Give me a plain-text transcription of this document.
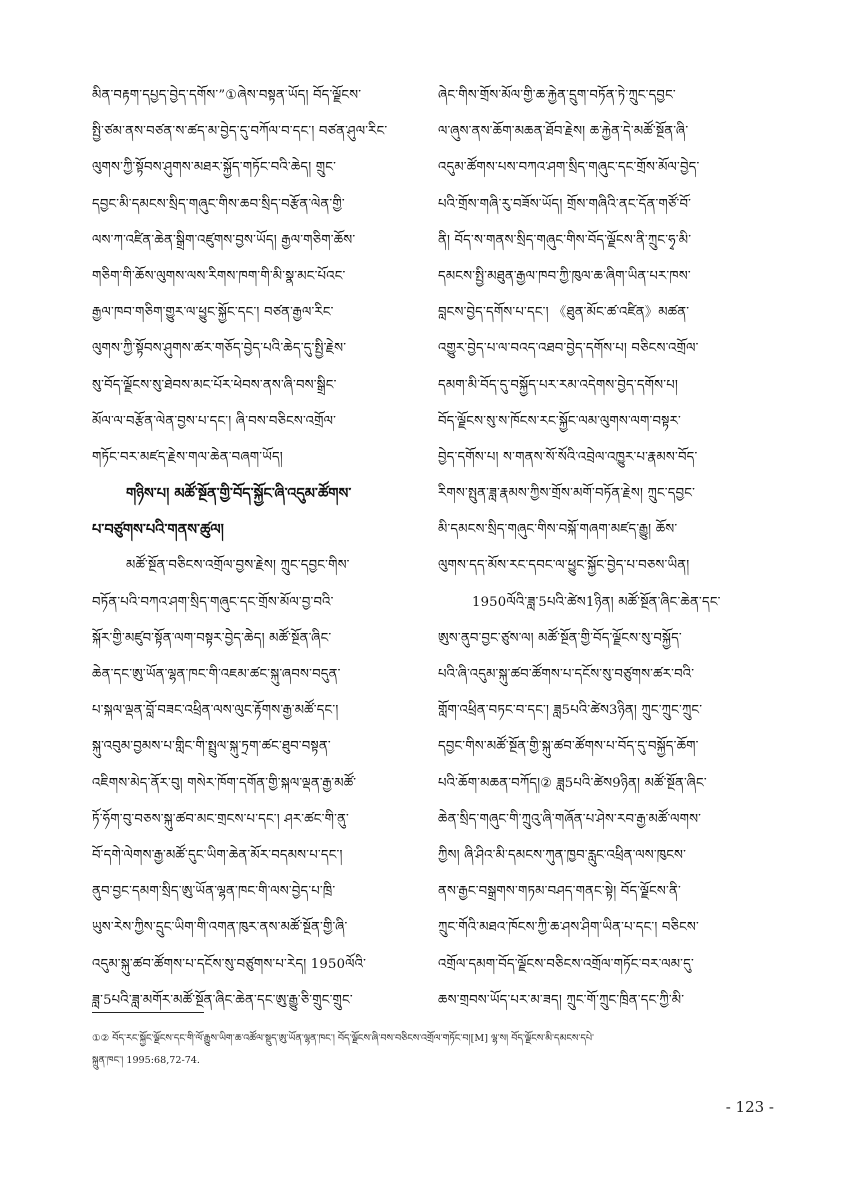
མིན་བརྟག་དཔྱད་བྱེད་དགོས་”①ཞེས་བསྟན་ཡོད། བོད་ལྗོངས་
སྤྱི་ཙམ་ནས་བཙན་ས་ཚད་མ་བྱེད་དུ་བཀོལ་བ་དང་། བཙན་ཤུལ་རིང་
ལུགས་ཀྱི་སྟོབས་ཤུགས་མཐར་སྐྱོད་གཏོང་བའི་ཆེད། གྲུང་
དབྱང་མི་དམངས་སྲིད་གཞུང་གིས་ཆབ་སྲིད་བརྩོན་ལེན་གྱི་
ལས་ཀ་འཛིན་ཆེན་སྒྲིག་འཛུགས་བྱས་ཡོད། རྒྱལ་གཅིག་ཆོས་
གཅིག་གི་ཆོས་ལུགས་ལས་རིགས་ཁག་གི་མི་སྣ་མང་པོའང་
རྒྱལ་ཁབ་གཅིག་གྱུར་ལ་ཕྱུང་སྐྱོང་དང་། བཙན་རྒྱལ་རིང་
ལུགས་ཀྱི་སྟོབས་ཤུགས་ཚར་གཅོད་བྱེད་པའི་ཆེད་དུ་སྤྱི་རྗེས་
སུ་བོད་ལྗོངས་སུ་ཐེབས་མང་པོར་ཕེབས་ནས་ཞི་བས་སྒྲིང་
མོལ་ལ་བརྩོན་ལེན་བྱས་པ་དང་། ཞི་བས་བཅིངས་འགྲོལ་
གཏོང་བར་མཛད་རྗེས་གལ་ཆེན་བཞག་ཡོད།
གཉིས་པ། མཚོ་སྔོན་གྱི་བོད་སྐྱོང་ཞི་འདུམ་ཚོགས་
པ་བཙུགས་པའི་གནས་ཚུལ།
མཚོ་སྔོན་བཅིངས་འགྲོལ་བྱས་རྗེས། ཀྲུང་དབྱང་གིས་
བཏོན་པའི་བཀའ་ཤག་སྲིད་གཞུང་དང་གྲོས་མོལ་བྱ་བའི་
སྐོར་གྱི་མཛུབ་སྟོན་ལག་བསྟར་བྱེད་ཆེད། མཚོ་སྔོན་ཞིང་
ཆེན་དང་ཨུ་ཡོན་ལྷན་ཁང་གི་འཇམ་ཚང་སྐུ་ཞབས་བདུན་
པ་སྐལ་ལྡན་བློ་བཟང་འཕྲིན་ལས་ལུང་རྟོགས་རྒྱ་མཚོ་དང་།
སྐུ་འབུམ་བྱམས་པ་གླིང་གི་སྤྲུལ་སྐུ་ཏྲག་ཚང་ཐུབ་བསྟན་
འཇིགས་མེད་ནོར་བུ། གསེར་ཁོག་དགོན་གྱི་སྐལ་ལྡན་རྒྱ་མཚོ་
ཏོ་ཧོག་བུ་བཅས་སྐུ་ཚབ་མང་གྲངས་པ་དང་། ཤར་ཚང་གི་ནུ་
བོ་དགེ་ལེགས་རྒྱ་མཚོ་དུང་ཡིག་ཆེན་མོར་བདམས་པ་དང་།
ནུབ་བྱང་དམག་སྲིད་ཨུ་ཡོན་ལྷན་ཁང་གི་ལས་བྱེད་པ་ཁྲི་
ཡུས་རེས་ཀྱིས་དྲུང་ཡིག་གི་འགན་ཁུར་ནས་མཚོ་སྔོན་གྱི་ཞི་
འདུམ་སྐུ་ཚབ་ཚོགས་པ་དངོས་སུ་བཙུགས་པ་རེད། 1950ལོའི་
ཟླ་5པའི་ཟླ་མགོར་མཚོ་སྔོན་ཞིང་ཆེན་དང་ཨུ་རྒྱུ་ཅི་གྲུང་གྲུང་
ཞེང་གིས་གྲོས་མོལ་གྱི་ཆ་རྐྱེན་དྲུག་བཏོན་ཏེ་ཀྲུང་དབྱང་
ལ་ཞུས་ནས་ཆོག་མཆན་ཐོབ་རྗེས། ཆ་རྐྱེན་དེ་མཚོ་སྔོན་ཞི་
འདུམ་ཚོགས་པས་བཀའ་ཤག་སྲིད་གཞུང་དང་གྲོས་མོལ་བྱེད་
པའི་གྲོས་གཞི་རུ་བཟོས་ཡོད། གྲོས་གཞིའི་ནང་དོན་གཙོ་བོ་
ནི། བོད་ས་གནས་སྲིད་གཞུང་གིས་བོད་ལྗོངས་ནི་ཀྲུང་ཧྭ་མི་
དམངས་སྤྱི་མཐུན་རྒྱལ་ཁབ་ཀྱི་ཁུལ་ཆ་ཞིག་ཡིན་པར་ཁས་
བླངས་བྱེད་དགོས་པ་དང་། 《ཐུན་མོང་ཚ་འཛིན》མཚན་
འགྱུར་བྱེད་པ་ལ་བའད་འཐབ་བྱེད་དགོས་པ། བཅིངས་འགྲོལ་
དམག་མི་བོད་དུ་བསྐྱོད་པར་རམ་འདེགས་བྱེད་དགོས་པ།
བོད་ལྗོངས་སུ་ས་ཁོངས་རང་སྐྱོང་ལམ་ལུགས་ལག་བསྟར་
བྱེད་དགོས་པ། ས་གནས་སོ་སོའི་འབྲེལ་འཁྱུར་པ་རྣམས་བོད་
རིགས་སྤུན་ཟླ་རྣམས་ཀྱིས་གྲོས་མགོ་བཏོན་རྗེས། ཀྲུང་དབྱང་
མི་དམངས་སྲིད་གཞུང་གིས་བསྐོ་གཞག་མཛད་རྒྱུ། ཆོས་
ལུགས་དད་མོས་རང་དབང་ལ་ཕྱུང་སྐྱོང་བྱེད་པ་བཅས་ཡིན།
1950ལོའི་ཟླ་5པའི་ཚེས1ཉིན། མཚོ་སྔོན་ཞིང་ཆེན་དང་
ཨུས་ནུབ་བྱང་ཙུས་ལ། མཚོ་སྔོན་གྱི་བོད་ལྗོངས་སུ་བསྐྱོད་
པའི་ཞི་འདུམ་སྐུ་ཚབ་ཚོགས་པ་དངོས་སུ་བཙུགས་ཚར་བའི་
གློག་འཕྲིན་བཏང་བ་དང་། ཟླ5པའི་ཚེས3ཉིན། ཀྲུང་ཀྲུང་ཀྲུང་
དབྱང་གིས་མཚོ་སྔོན་གྱི་སྐུ་ཚབ་ཚོགས་པ་བོད་དུ་བསྐྱོད་ཆོག་
པའི་ཆོག་མཆན་བཀོད།② ཟླ5པའི་ཚེས9ཉིན། མཚོ་སྔོན་ཞིང་
ཆེན་སྲིད་གཞུང་གི་ཀྲུའུ་ཞི་གཞོན་པ་ཤེས་རབ་རྒྱ་མཚོ་ལགས་
ཀྱིས། ཞི་ཤིའ་མི་དམངས་ཀུན་ཁྱབ་རླུང་འཕྲིན་ལས་ཁུངས་
ནས་རྒྱང་བསྒྲགས་གཏམ་བཤད་གནང་སྟེ། བོད་ལྗོངས་ནི་
ཀྲུང་གོའི་མཐའ་ཁོངས་ཀྱི་ཆ་ཤས་ཤིག་ཡིན་པ་དང་། བཅིངས་
འགྲོལ་དམག་བོད་ལྗོངས་བཅིངས་འགྲོལ་གཏོང་བར་ལམ་དུ་
ཆས་གྲབས་ཡོད་པར་མ་ཟད། ཀྲུང་གོ་ཀྲུང་ཁྲིན་དང་ཀྱི་མི་
①② བོད་རང་སྐྱོང་ལྗོངས་དང་གི་ལོ་རྒྱུས་ཡིག་ཆ་འཚོལ་སྡུད་ཨུ་ཡོན་ལྷན་ཁང་། བོད་ལྗོངས་ཞི་བས་བཅིངས་འགྲོལ་གཏོང་བ།[M] ལྷ་ས། བོད་ལྗོངས་མི་དམངས་དཔེ་
སྐྲུན་ཁང་། 1995:68,72-74.
- 123 -
